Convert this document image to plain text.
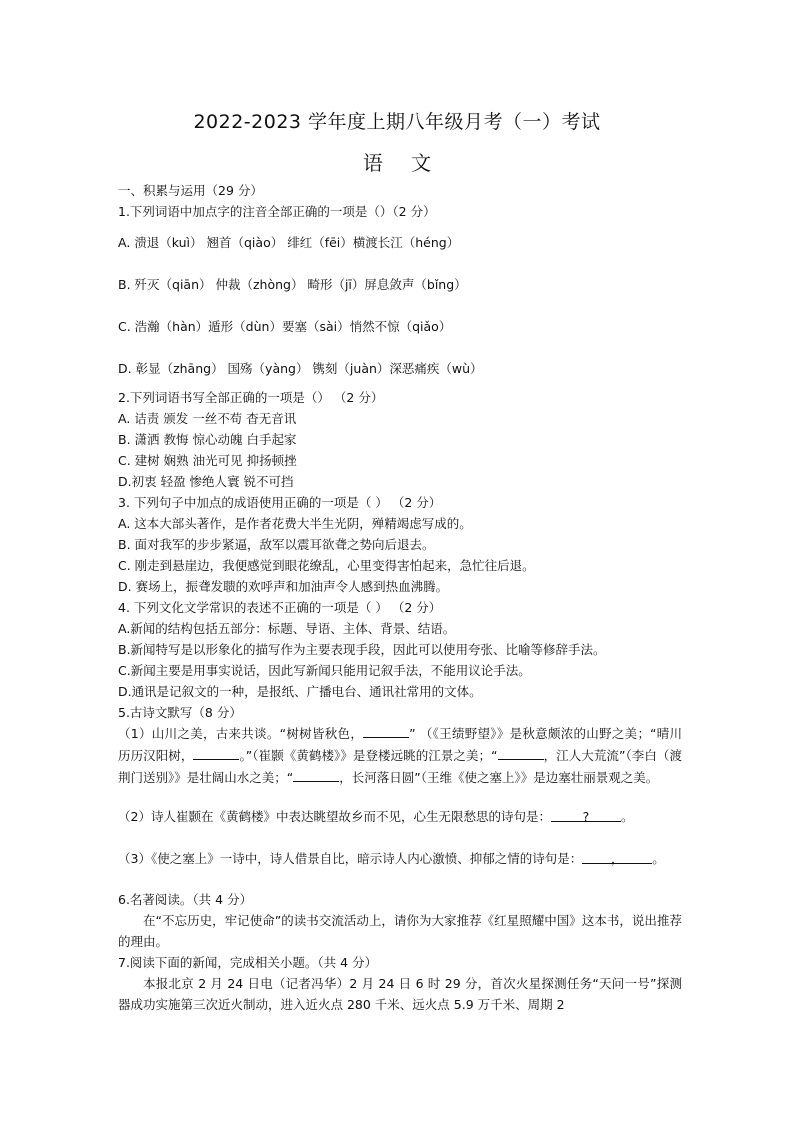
2022-2023 学年度上期八年级月考（一）考试
语 文
一、积累与运用（29 分）
1.下列词语中加点字的注音全部正确的一项是（）（2 分）
A. 溃退（kuì） 翘首（qiào） 绯红（fēi）横渡长江（héng）
B. 歼灭（qiān） 仲裁（zhòng） 畸形（jī）屏息敛声（bǐng）
C. 浩瀚（hàn）遁形（dùn）要塞（sài）悄然不惊（qiǎo）
D. 彰显（zhāng） 国殇（yàng） 镌刻（juàn）深恶痛疾（wù）
2.下列词语书写全部正确的一项是（） （2 分）
A. 诘责 颁发 一丝不苟 杳无音讯
B. 潇洒 教悔 惊心动魄 白手起家
C. 建树 娴熟 油光可见 抑扬顿挫
D.初衷 轻盈 惨绝人寰 锐不可挡
3. 下列句子中加点的成语使用正确的一项是（ ） （2 分）
A. 这本大部头著作，是作者花费大半生光阴，殚精竭虑写成的。
B. 面对我军的步步紧逼，敌军以震耳欲聋之势向后退去。
C. 刚走到悬崖边，我便感觉到眼花缭乱，心里变得害怕起来，急忙往后退。
D. 赛场上，振聋发聩的欢呼声和加油声令人感到热血沸腾。
4. 下列文化文学常识的表述不正确的一项是（ ） （2 分）
A.新闻的结构包括五部分：标题、导语、主体、背景、结语。
B.新闻特写是以形象化的描写作为主要表现手段，因此可以使用夸张、比喻等修辞手法。
C.新闻主要是用事实说话，因此写新闻只能用记叙手法，不能用议论手法。
D.通讯是记叙文的一种，是报纸、广播电台、通讯社常用的文体。
5.古诗文默写（8 分）
（1）山川之美，古来共谈。“树树皆秋色，	” （《王绩野望》》是秋意颇浓的山野之美；“晴川历历汉阳树，	。”（崔颢《黄鹤楼》》是登楼远眺的江景之美；“	，江人大荒流”（李白（渡荆门送别》》是壮阔山水之美；“	，长河落日圆”（王维《使之塞上》》是边塞壮丽景观之美。
（2）诗人崔颢在《黄鹤楼》中表达眺望故乡而不见，心生无限愁思的诗句是：	?	。
（3）《使之塞上》一诗中，诗人借景自比，暗示诗人内心激愤、抑郁之情的诗句是： ， 。
6.名著阅读。（共 4 分）
在“不忘历史，牢记使命”的读书交流活动上，请你为大家推荐《红星照耀中国》这本书，说出推荐的理由。
7.阅读下面的新闻，完成相关小题。（共 4 分）
本报北京 2 月 24 日电（记者冯华）2 月 24 日 6 时 29 分，首次火星探测任务“天问一号”探测器成功实施第三次近火制动，进入近火点 280 千米、远火点 5.9 万千米、周期 2
